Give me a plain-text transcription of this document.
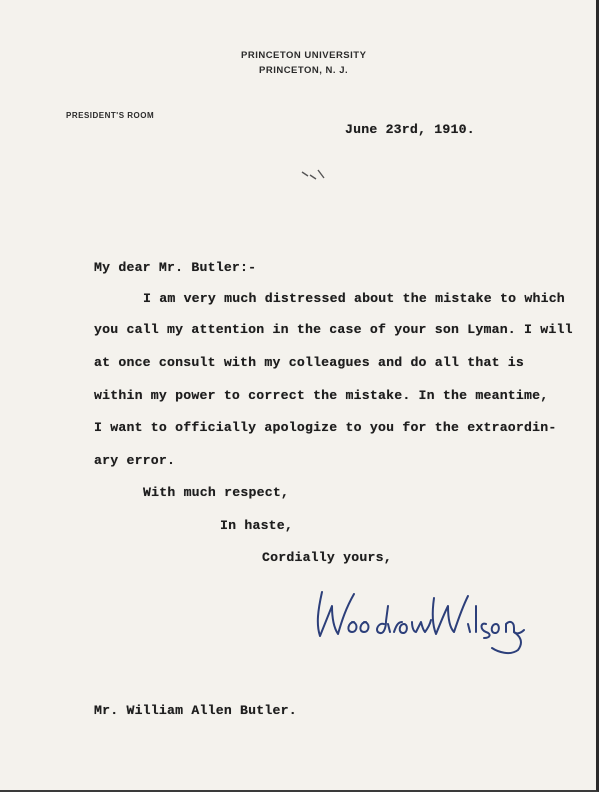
PRINCETON UNIVERSITY
PRINCETON, N. J.
PRESIDENT'S ROOM
June 23rd, 1910.
My dear Mr. Butler:-
I am very much distressed about the mistake to which
you call my attention in the case of your son Lyman. I will
at once consult with my colleagues and do all that is
within my power to correct the mistake. In the meantime,
I want to officially apologize to you for the extraordin-
ary error.
With much respect,
In haste,
Cordially yours,
Mr. William Allen Butler.
